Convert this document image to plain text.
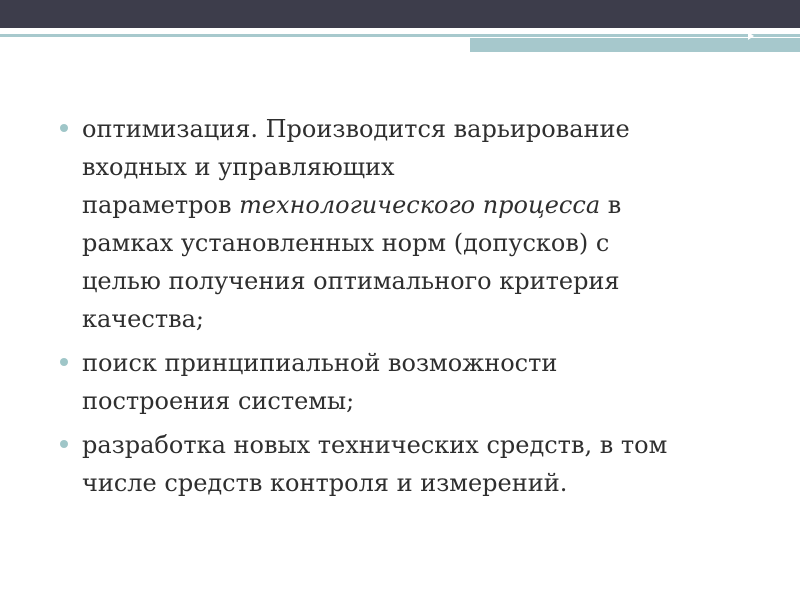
оптимизация. Производится варьирование
входных и управляющих
параметров технологического процесса в
рамках установленных норм (допусков) с
целью получения оптимального критерия
качества;
поиск принципиальной возможности
построения системы;
разработка новых технических средств, в том
числе средств контроля и измерений.
